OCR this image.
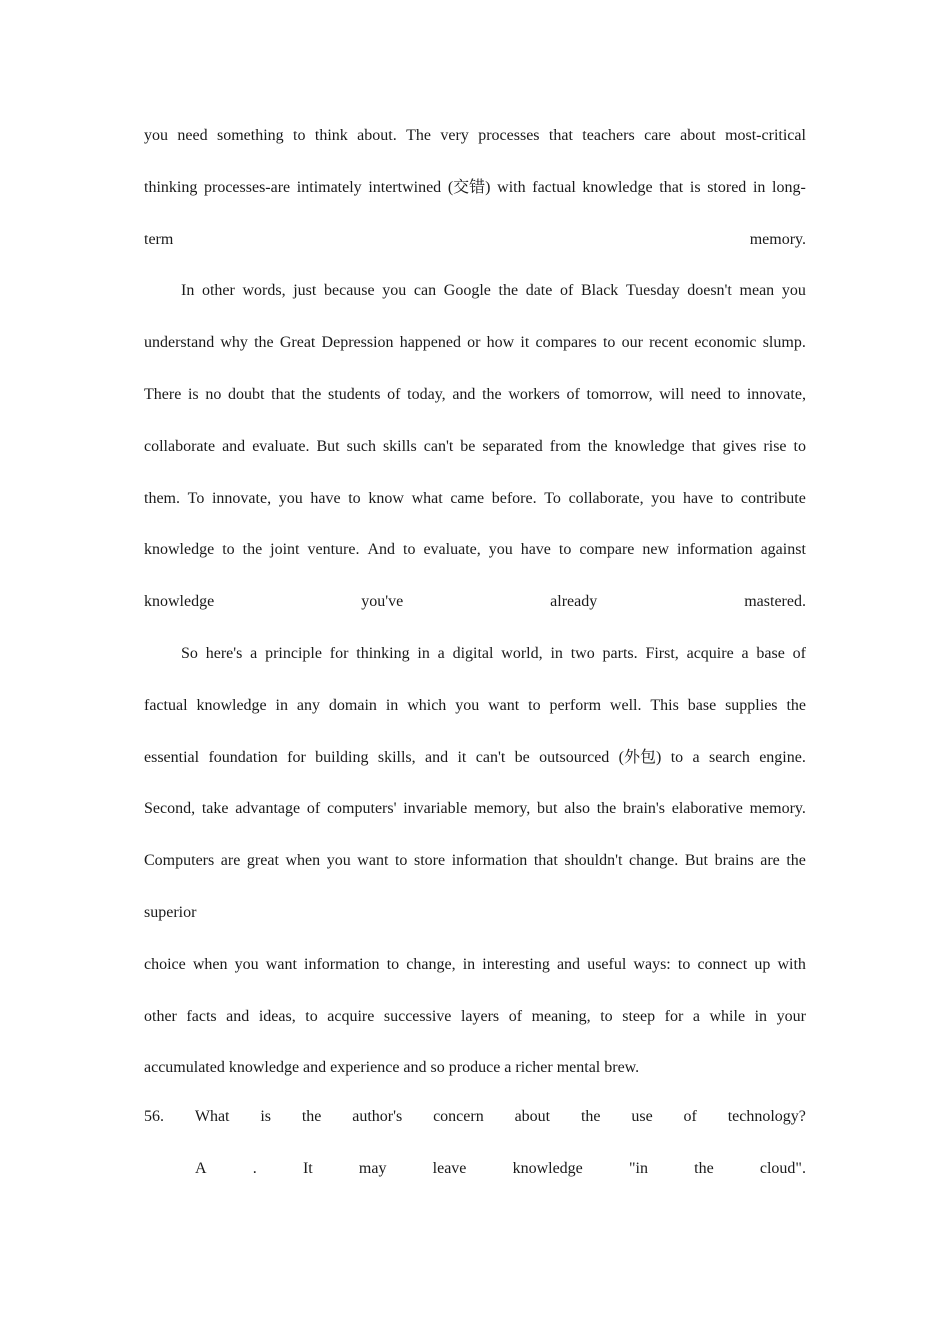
you need something to think about. The very processes that teachers care about most-critical
thinking processes-are intimately intertwined (交错) with factual knowledge that is stored in long-
term	memory.
In other words, just because you can Google the date of Black Tuesday doesn't mean you
understand why the Great Depression happened or how it compares to our recent economic slump.
There is no doubt that the students of today, and the workers of tomorrow, will need to innovate,
collaborate and evaluate. But such skills can't be separated from the knowledge that gives rise to
them. To innovate, you have to know what came before. To collaborate, you have to contribute
knowledge to the joint venture. And to evaluate, you have to compare new information against
knowledge	you've	already	mastered.
So here's a principle for thinking in a digital world, in two parts. First, acquire a base of
factual knowledge in any domain in which you want to perform well. This base supplies the
essential foundation for building skills, and it can't be outsourced (外包) to a search engine.
Second, take advantage of computers' invariable memory, but also the brain's elaborative memory.
Computers are great when you want to store information that shouldn't change. But brains are the
superior
choice when you want information to change, in interesting and useful ways: to connect up with
other facts and ideas, to acquire successive layers of meaning, to steep for a while in your
accumulated knowledge and experience and so produce a richer mental brew.
56. What is the author's concern about the use of technology?
A	.	It	may	leave	knowledge	"in	the	cloud".
